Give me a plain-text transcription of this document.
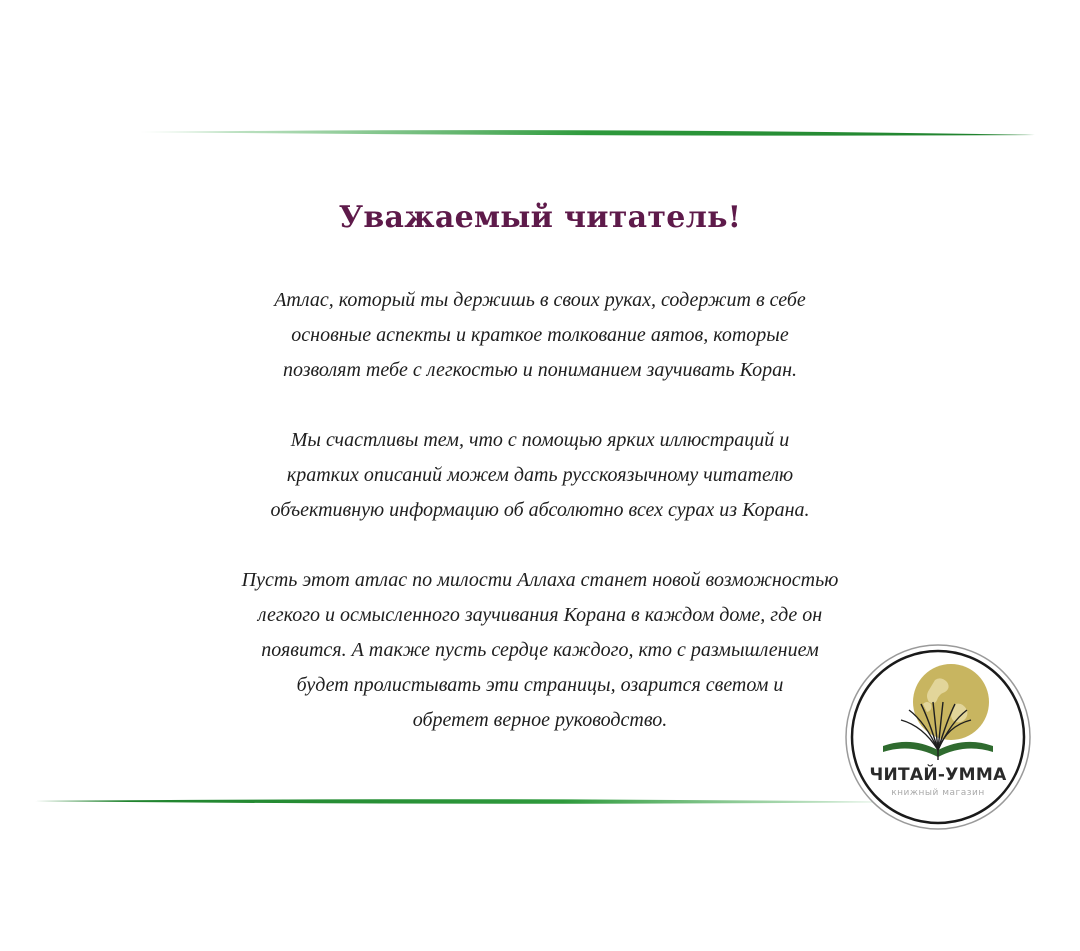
Уважаемый читатель!

Атлас, который ты держишь в своих руках, содержит в себе
основные аспекты и краткое толкование аятов, которые
позволят тебе с легкостью и пониманием заучивать Коран.

Мы счастливы тем, что с помощью ярких иллюстраций и
кратких описаний можем дать русскоязычному читателю
объективную информацию об абсолютно всех сурах из Корана.

Пусть этот атлас по милости Аллаха станет новой возможностью
легкого и осмысленного заучивания Корана в каждом доме, где он
появится. А также пусть сердце каждого, кто с размышлением
будет пролистывать эти страницы, озарится светом и
обретет верное руководство.

ЧИТАЙ-УММА
книжный магазин
